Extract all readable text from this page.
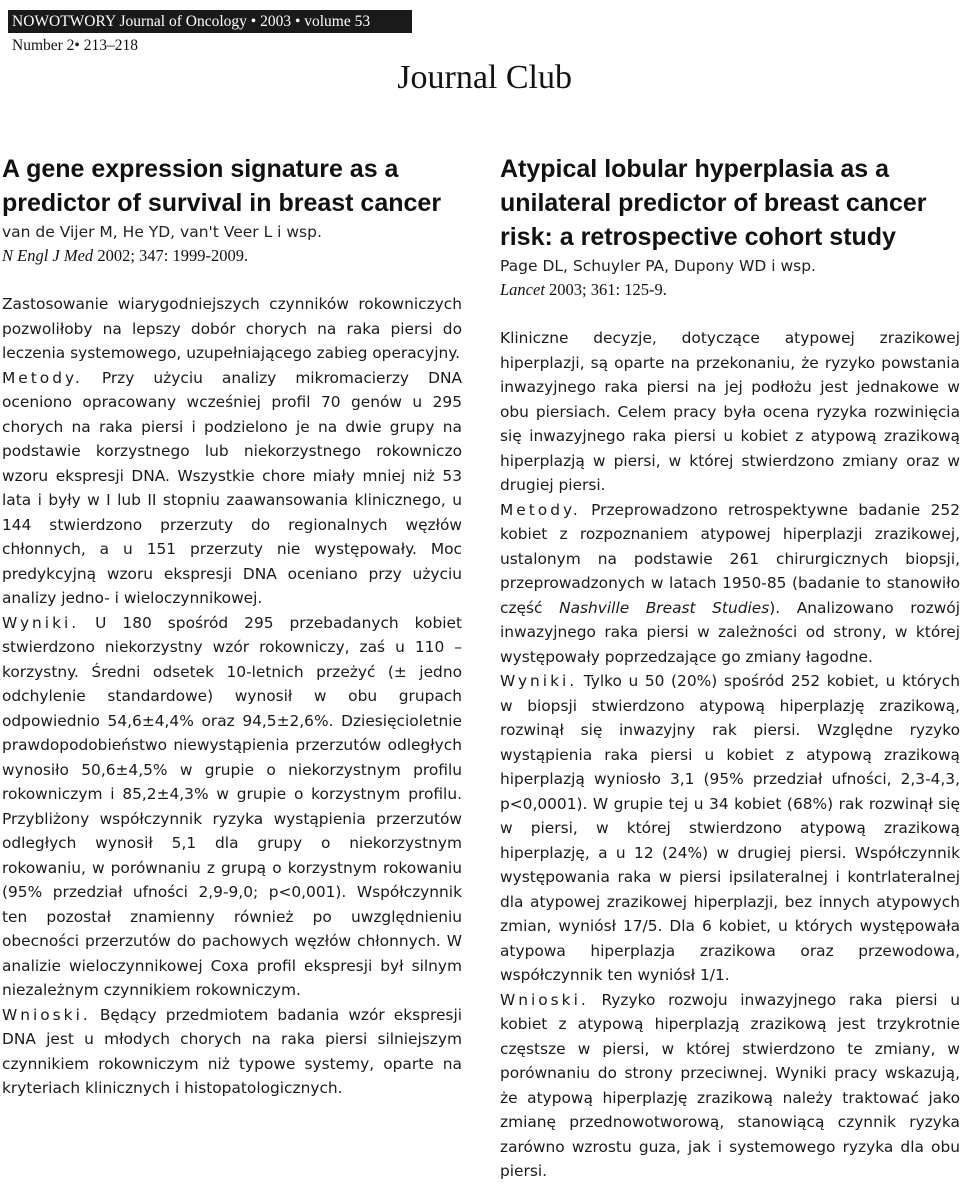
NOWOTWORY Journal of Oncology • 2003 • volume 53
Number 2• 213–218
Journal Club
A gene expression signature as a predictor of survival in breast cancer
van de Vijer M, He YD, van't Veer L i wsp.
N Engl J Med 2002; 347: 1999-2009.

Zastosowanie wiarygodniejszych czynników rokowniczych pozwoliłoby na lepszy dobór chorych na raka piersi do leczenia systemowego, uzupełniającego zabieg operacyjny.

Metody. Przy użyciu analizy mikromacierzy DNA oceniono opracowany wcześniej profil 70 genów u 295 chorych na raka piersi i podzielono je na dwie grupy na podstawie korzystnego lub niekorzystnego rokowniczo wzoru ekspresji DNA. Wszystkie chore miały mniej niż 53 lata i były w I lub II stopniu zaawansowania klinicznego, u 144 stwierdzono przerzuty do regionalnych węzłów chłonnych, a u 151 przerzuty nie występowały. Moc predykcyjną wzoru ekspresji DNA oceniano przy użyciu analizy jedno- i wieloczynnikowej.

Wyniki. U 180 spośród 295 przebadanych kobiet stwierdzono niekorzystny wzór rokowniczy, zaś u 110 – korzystny. Średni odsetek 10-letnich przeżyć (± jedno odchylenie standardowe) wynosił w obu grupach odpowiednio 54,6±4,4% oraz 94,5±2,6%. Dziesięcioletnie prawdopodobieństwo niewystąpienia przerzutów odległych wynosiło 50,6±4,5% w grupie o niekorzystnym profilu rokowniczym i 85,2±4,3% w grupie o korzystnym profilu. Przybliżony współczynnik ryzyka wystąpienia przerzutów odległych wynosił 5,1 dla grupy o niekorzystnym rokowaniu, w porównaniu z grupą o korzystnym rokowaniu (95% przedział ufności 2,9-9,0; p<0,001). Współczynnik ten pozostał znamienny również po uwzględnieniu obecności przerzutów do pachowych węzłów chłonnych. W analizie wieloczynnikowej Coxa profil ekspresji był silnym niezależnym czynnikiem rokowniczym.

Wnioski. Będący przedmiotem badania wzór ekspresji DNA jest u młodych chorych na raka piersi silniejszym czynnikiem rokowniczym niż typowe systemy, oparte na kryteriach klinicznych i histopatologicznych.

Atypical lobular hyperplasia as a unilateral predictor of breast cancer risk: a retrospective cohort study
Page DL, Schuyler PA, Dupony WD i wsp.
Lancet 2003; 361: 125-9.

Kliniczne decyzje, dotyczące atypowej zrazikowej hiperplazji, są oparte na przekonaniu, że ryzyko powstania inwazyjnego raka piersi na jej podłożu jest jednakowe w obu piersiach. Celem pracy była ocena ryzyka rozwinięcia się inwazyjnego raka piersi u kobiet z atypową zrazikową hiperplazją w piersi, w której stwierdzono zmiany oraz w drugiej piersi.

Metody. Przeprowadzono retrospektywne badanie 252 kobiet z rozpoznaniem atypowej hiperplazji zrazikowej, ustalonym na podstawie 261 chirurgicznych biopsji, przeprowadzonych w latach 1950-85 (badanie to stanowiło część Nashville Breast Studies). Analizowano rozwój inwazyjnego raka piersi w zależności od strony, w której występowały poprzedzające go zmiany łagodne.

Wyniki. Tylko u 50 (20%) spośród 252 kobiet, u których w biopsji stwierdzono atypową hiperplazję zrazikową, rozwinął się inwazyjny rak piersi. Względne ryzyko wystąpienia raka piersi u kobiet z atypową zrazikową hiperplazją wyniosło 3,1 (95% przedział ufności, 2,3-4,3, p<0,0001). W grupie tej u 34 kobiet (68%) rak rozwinął się w piersi, w której stwierdzono atypową zrazikową hiperplazję, a u 12 (24%) w drugiej piersi. Współczynnik występowania raka w piersi ipsilateralnej i kontrlateralnej dla atypowej zrazikowej hiperplazji, bez innych atypowych zmian, wyniósł 17/5. Dla 6 kobiet, u których występowała atypowa hiperplazja zrazikowa oraz przewodowa, współczynnik ten wyniósł 1/1.

Wnioski. Ryzyko rozwoju inwazyjnego raka piersi u kobiet z atypową hiperplazją zrazikową jest trzykrotnie częstsze w piersi, w której stwierdzono te zmiany, w porównaniu do strony przeciwnej. Wyniki pracy wskazują, że atypową hiperplazję zrazikową należy traktować jako zmianę przednowotworową, stanowiącą czynnik ryzyka zarówno wzrostu guza, jak i systemowego ryzyka dla obu piersi.
